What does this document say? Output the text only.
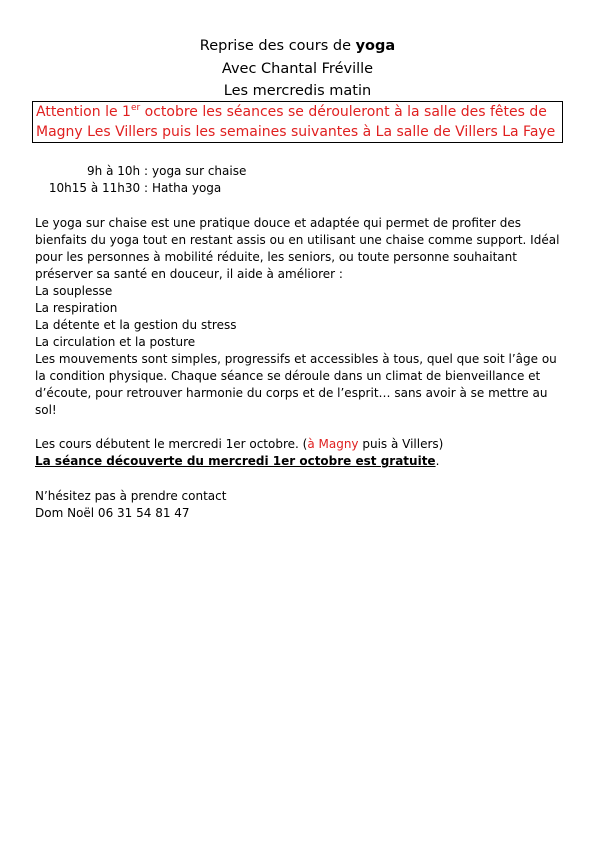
Reprise des cours de yoga
Avec Chantal Fréville
Les mercredis matin
Attention le 1er octobre les séances se dérouleront à la salle des fêtes de
Magny Les Villers puis les semaines suivantes à La salle de Villers La Faye
9h à 10h : yoga sur chaise
10h15 à 11h30 : Hatha yoga
Le yoga sur chaise est une pratique douce et adaptée qui permet de profiter des
bienfaits du yoga tout en restant assis ou en utilisant une chaise comme support. Idéal
pour les personnes à mobilité réduite, les seniors, ou toute personne souhaitant
préserver sa santé en douceur, il aide à améliorer :
La souplesse
La respiration
La détente et la gestion du stress
La circulation et la posture
Les mouvements sont simples, progressifs et accessibles à tous, quel que soit l’âge ou
la condition physique. Chaque séance se déroule dans un climat de bienveillance et
d’écoute, pour retrouver harmonie du corps et de l’esprit… sans avoir à se mettre au
sol!
Les cours débutent le mercredi 1er octobre. (à Magny puis à Villers)
La séance découverte du mercredi 1er octobre est gratuite.
N’hésitez pas à prendre contact
Dom Noël 06 31 54 81 47
